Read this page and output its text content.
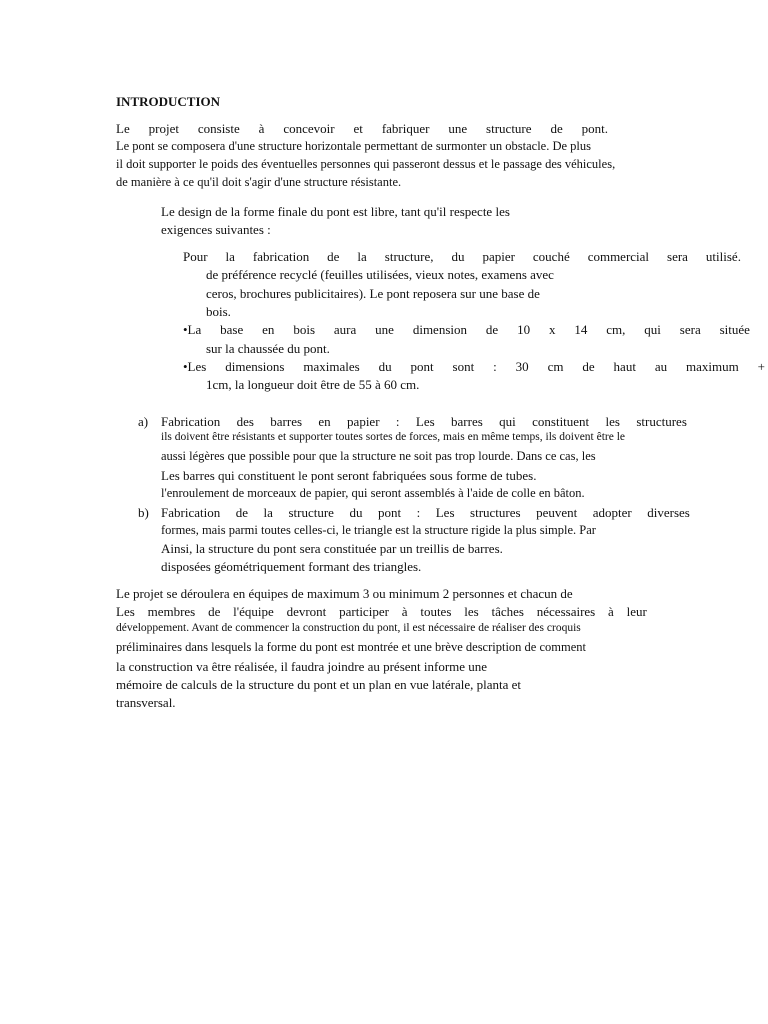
INTRODUCTION
Le projet consiste à concevoir et fabriquer une structure de pont.
Le pont se composera d'une structure horizontale permettant de surmonter un obstacle. De plus
il doit supporter le poids des éventuelles personnes qui passeront dessus et le passage des véhicules,
de manière à ce qu'il doit s'agir d'une structure résistante.
Le design de la forme finale du pont est libre, tant qu'il respecte les
exigences suivantes :
Pour la fabrication de la structure, du papier couché commercial sera utilisé.
de préférence recyclé (feuilles utilisées, vieux notes, examens avec
ceros, brochures publicitaires). Le pont reposera sur une base de
bois.
•La base en bois aura une dimension de 10 x 14 cm, qui sera située
sur la chaussée du pont.
•Les dimensions maximales du pont sont : 30 cm de haut au maximum +
1cm, la longueur doit être de 55 à 60 cm.
a) Fabrication des barres en papier : Les barres qui constituent les structures
ils doivent être résistants et supporter toutes sortes de forces, mais en même temps, ils doivent être le
aussi légères que possible pour que la structure ne soit pas trop lourde. Dans ce cas, les
Les barres qui constituent le pont seront fabriquées sous forme de tubes.
l'enroulement de morceaux de papier, qui seront assemblés à l'aide de colle en bâton.
b) Fabrication de la structure du pont : Les structures peuvent adopter diverses
formes, mais parmi toutes celles-ci, le triangle est la structure rigide la plus simple. Par
Ainsi, la structure du pont sera constituée par un treillis de barres.
disposées géométriquement formant des triangles.
Le projet se déroulera en équipes de maximum 3 ou minimum 2 personnes et chacun de
Les membres de l'équipe devront participer à toutes les tâches nécessaires à leur
développement. Avant de commencer la construction du pont, il est nécessaire de réaliser des croquis
préliminaires dans lesquels la forme du pont est montrée et une brève description de comment
la construction va être réalisée, il faudra joindre au présent informe une
mémoire de calculs de la structure du pont et un plan en vue latérale, planta et
transversal.
